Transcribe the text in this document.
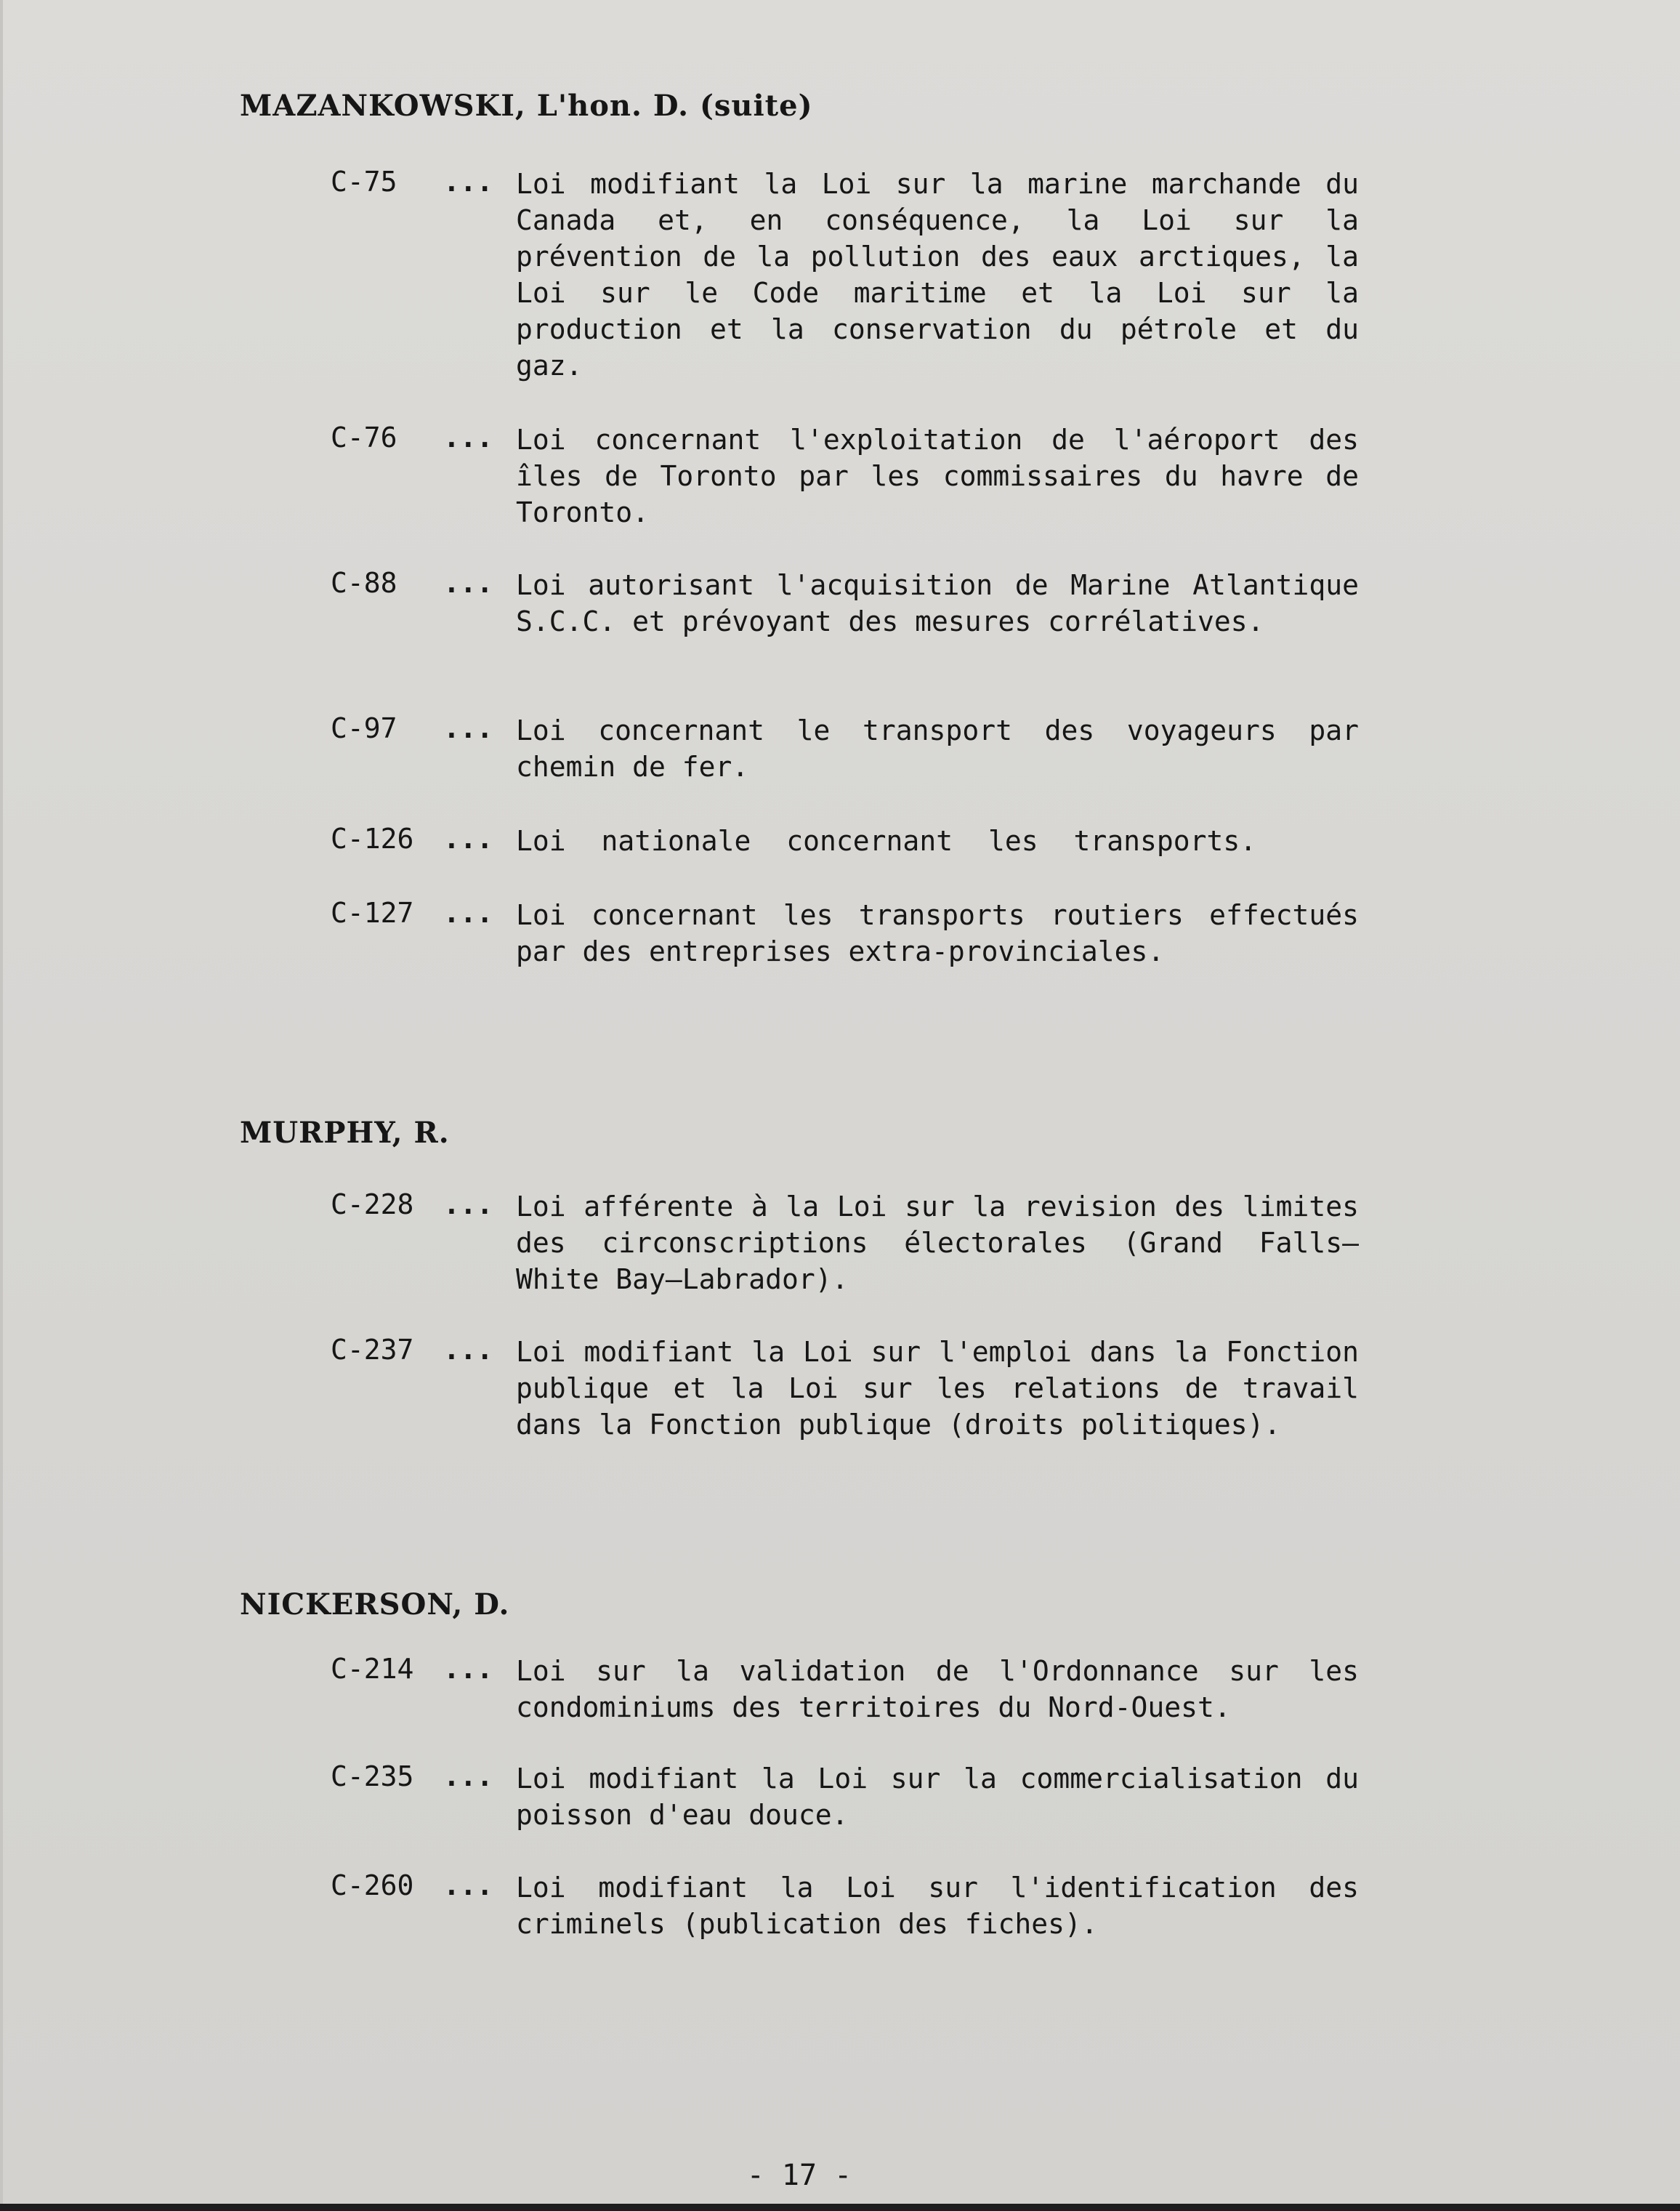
MAZANKOWSKI, L'hon. D. (suite)
C-75 ... Loi modifiant la Loi sur la marine marchande du Canada et, en conséquence, la Loi sur la prévention de la pollution des eaux arctiques, la Loi sur le Code maritime et la Loi sur la production et la conservation du pétrole et du gaz.
C-76 ... Loi concernant l'exploitation de l'aéroport des îles de Toronto par les commissaires du havre de Toronto.
C-88 ... Loi autorisant l'acquisition de Marine Atlantique S.C.C. et prévoyant des mesures corrélatives.
C-97 ... Loi concernant le transport des voyageurs par chemin de fer.
C-126 ... Loi nationale concernant les transports.
C-127 ... Loi concernant les transports routiers effectués par des entreprises extra-provinciales.
MURPHY, R.
C-228 ... Loi afférente à la Loi sur la revision des limites des circonscriptions électorales (Grand Falls—White Bay—Labrador).
C-237 ... Loi modifiant la Loi sur l'emploi dans la Fonction publique et la Loi sur les relations de travail dans la Fonction publique (droits politiques).
NICKERSON, D.
C-214 ... Loi sur la validation de l'Ordonnance sur les condominiums des territoires du Nord-Ouest.
C-235 ... Loi modifiant la Loi sur la commercialisation du poisson d'eau douce.
C-260 ... Loi modifiant la Loi sur l'identification des criminels (publication des fiches).
- 17 -
